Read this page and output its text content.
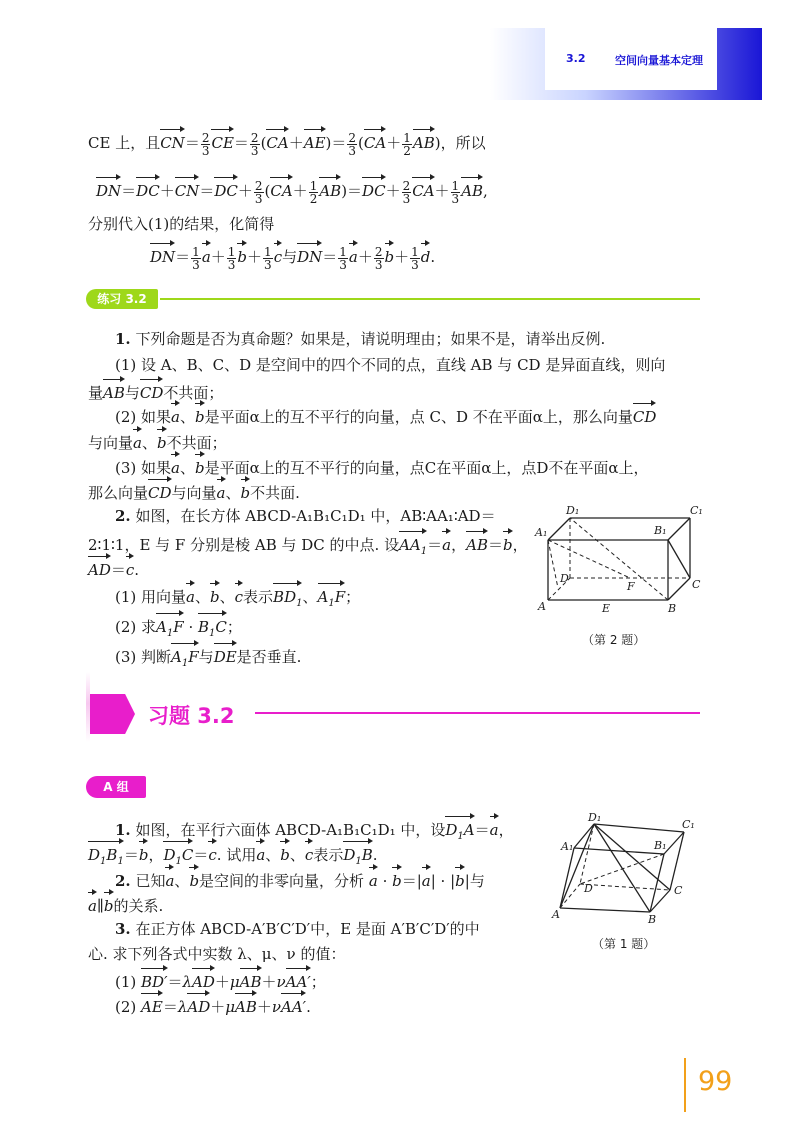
3.2	空间向量基本定理
CE 上，且$CN= \frac{2}{3} CE= \frac{2}{3} (CA+AE)= \frac{2}{3} (CA+ \frac{1}{2} AB)$，所以
$DN=DC+CN=DC+ \frac{2}{3} (CA+ \frac{1}{2} AB)=DC+ \frac{2}{3} CA+ \frac{1}{3}$ AB,
分别代入(1)的结果，化简得
$DN= \frac{1}{3} a+ \frac{1}{3} b+ \frac{1}{3}$ c与$DN= \frac{1}{3} a+ \frac{2}{3} b+ \frac{1}{3} d$.
练习 3.2
1. 下列命题是否为真命题？如果是，请说明理由；如果不是，请举出反例.
(1) 设 A、B、C、D 是空间中的四个不同的点，直线 AB 与 CD 是异面直线，则向
量AB与CD不共面；
(2) 如果a、b是平面α上的互不平行的向量，点 C、D 不在平面α上，那么向量CD
与向量a、b不共面；
(3) 如果a、b是平面α上的互不平行的向量，点C在平面α上，点D不在平面α上，
那么向量CD与向量a、b不共面.
2. 如图，在长方体 ABCD-A₁B₁C₁D₁ 中，AB∶AA₁∶AD＝
2∶1∶1，E 与 F 分别是棱 AB 与 DC 的中点. 设$AA_1=a$，AB＝b，
AD＝c.
(1) 用向量a、b、c表示$BD_1$、$A_1F$；
(2) 求$A_1F \cdot B_1C$；
(3) 判断$A_1F$与DE是否垂直.
D₁	C₁
A₁	B₁
D
F	C
A	E	B
（第 2 题）
习题 3.2
A 组
1. 如图，在平行六面体 ABCD-A₁B₁C₁D₁ 中，设$D_1A=a$，
$D_1B_1=b$，$D_1C=c$. 试用a、b、c表示$D_1B$.
2. 已知a、b是空间的非零向量，分析 a · b＝|a| · |b|与
a∥b的关系.
3. 在正方体 ABCD-A′B′C′D′中，E 是面 A′B′C′D′的中
心. 求下列各式中实数 λ、μ、ν 的值：
(1) BD′＝λAD＋μAB＋νAA′；
(2) AE＝λAD＋μAB＋νAA′.
D₁
C₁
A₁	B₁
D	C
A	B
（第 1 题）
99
